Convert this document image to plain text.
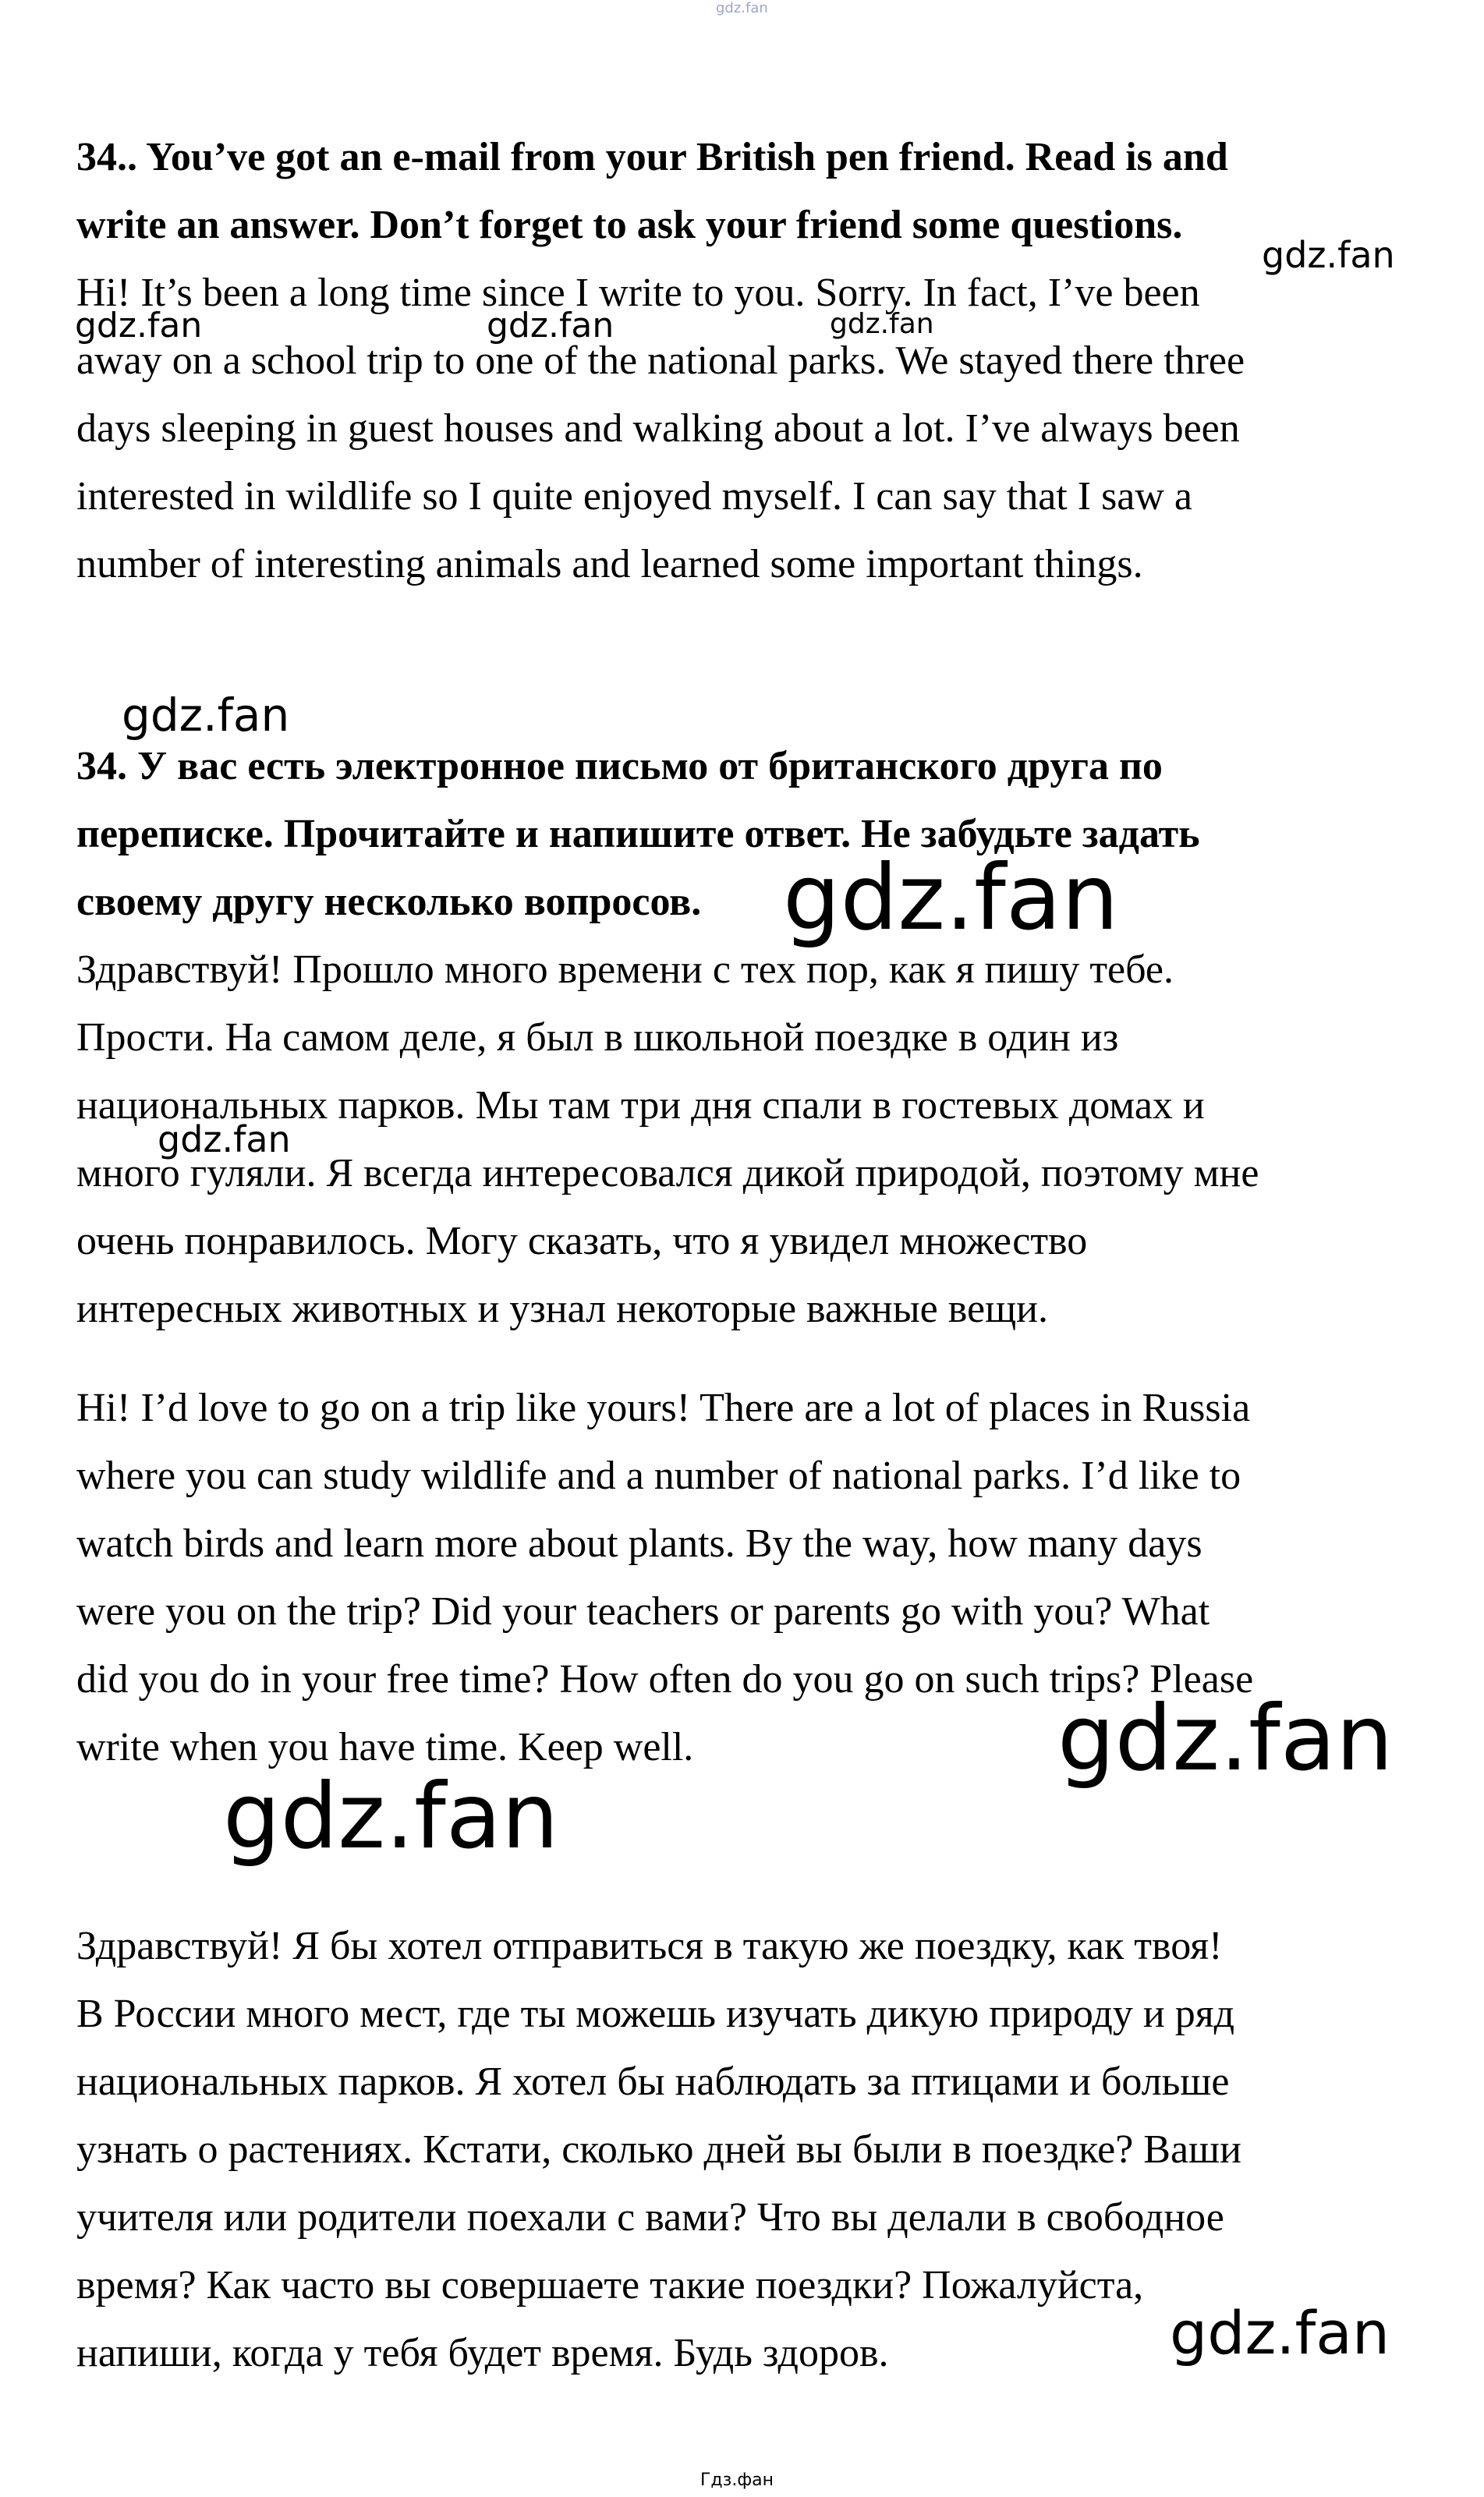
gdz.fan
34.. You’ve got an e-mail from your British pen friend. Read is and
write an answer. Don’t forget to ask your friend some questions.
Hi! It’s been a long time since I write to you. Sorry. In fact, I’ve been
away on a school trip to one of the national parks. We stayed there three
days sleeping in guest houses and walking about a lot. I’ve always been
interested in wildlife so I quite enjoyed myself. I can say that I saw a
number of interesting animals and learned some important things.
34. У вас есть электронное письмо от британского друга по
переписке. Прочитайте и напишите ответ. Не забудьте задать
своему другу несколько вопросов.
Здравствуй! Прошло много времени с тех пор, как я пишу тебе.
Прости. На самом деле, я был в школьной поездке в один из
национальных парков. Мы там три дня спали в гостевых домах и
много гуляли. Я всегда интересовался дикой природой, поэтому мне
очень понравилось. Могу сказать, что я увидел множество
интересных животных и узнал некоторые важные вещи.
Hi! I’d love to go on a trip like yours! There are a lot of places in Russia
where you can study wildlife and a number of national parks. I’d like to
watch birds and learn more about plants. By the way, how many days
were you on the trip? Did your teachers or parents go with you? What
did you do in your free time? How often do you go on such trips? Please
write when you have time. Keep well.
Здравствуй! Я бы хотел отправиться в такую же поездку, как твоя!
В России много мест, где ты можешь изучать дикую природу и ряд
национальных парков. Я хотел бы наблюдать за птицами и больше
узнать о растениях. Кстати, сколько дней вы были в поездке? Ваши
учителя или родители поехали с вами? Что вы делали в свободное
время? Как часто вы совершаете такие поездки? Пожалуйста,
напиши, когда у тебя будет время. Будь здоров.
gdz.fan
gdz.fan	gdz.fan	gdz.fan
gdz.fan
gdz.fan
gdz.fan
gdz.fan
gdz.fan
gdz.fan
Гдз.фан
